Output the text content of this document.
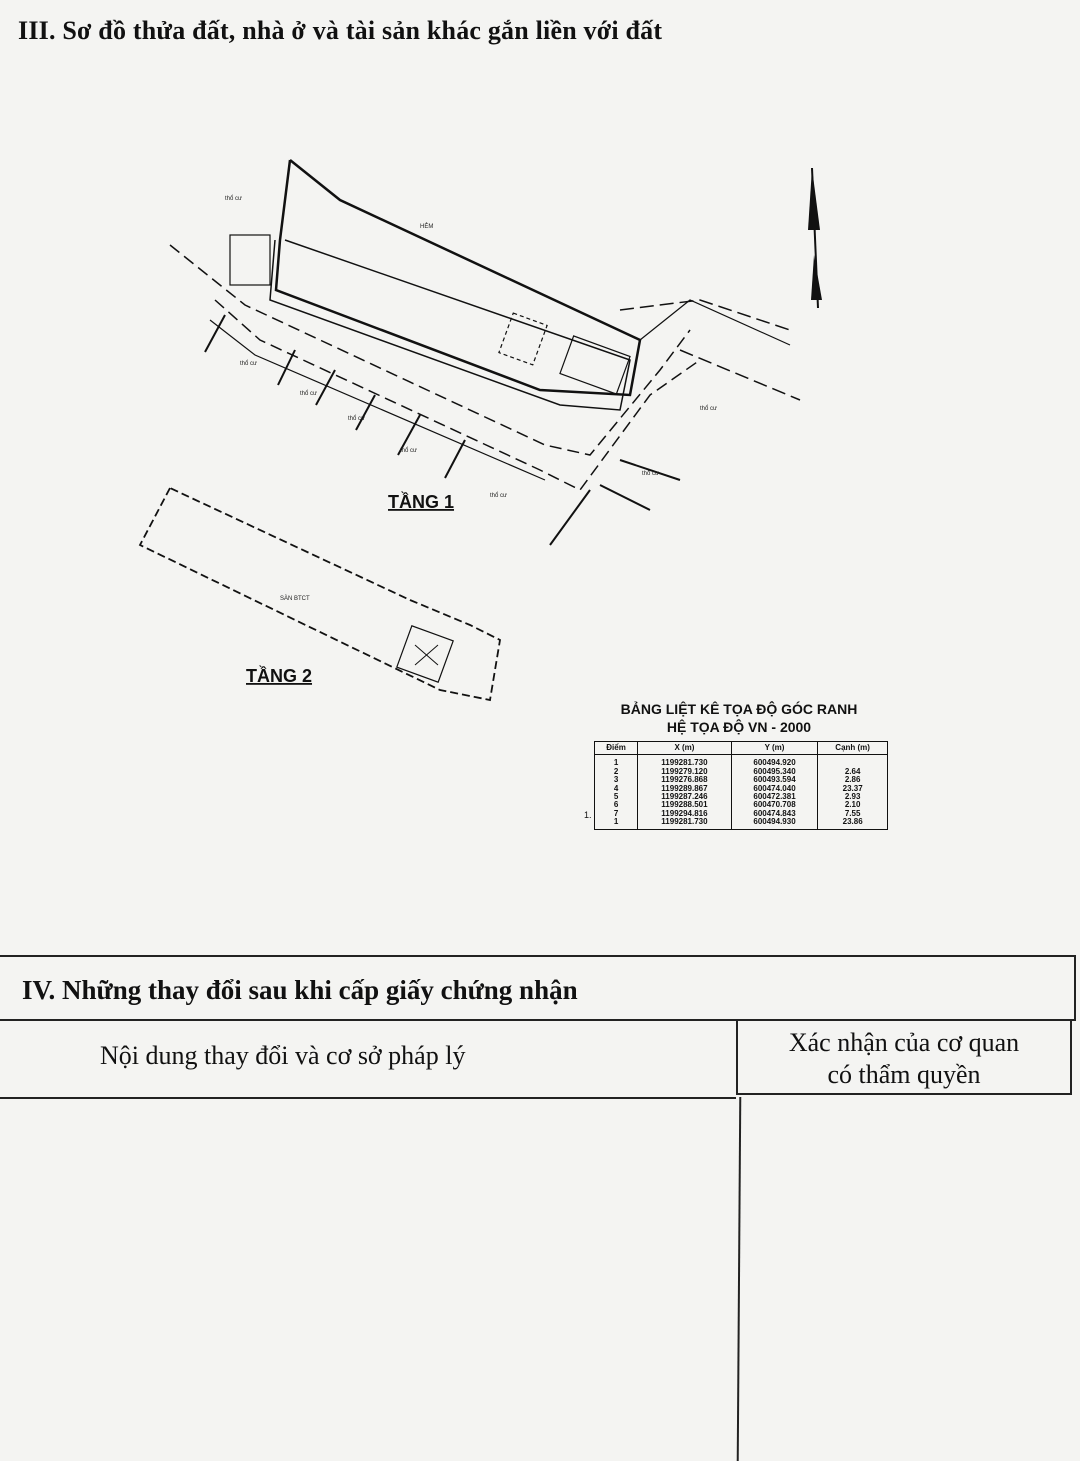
III. Sơ đồ thửa đất, nhà ở và tài sản khác gắn liền với đất
thổ cư
thổ cư
thổ cư
thổ cư
thổ cư
thổ cư
thổ cư
thổ cư
HẺM
SÀN BTCT
TẦNG 1
TẦNG 2
BẢNG LIỆT KÊ TỌA ĐỘ GÓC RANH
HỆ TỌA ĐỘ VN - 2000
1.
Điểm	X (m)	Y (m)	Cạnh (m)
1	1199281.730	600494.920	
2	1199279.120	600495.340	2.64
3	1199276.868	600493.594	2.86
4	1199289.867	600474.040	23.37
5	1199287.246	600472.381	2.93
6	1199288.501	600470.708	2.10
7	1199294.816	600474.843	7.55
1	1199281.730	600494.930	23.86
IV. Những thay đổi sau khi cấp giấy chứng nhận
Nội dung thay đổi và cơ sở pháp lý	Xác nhận của cơ quan
có thẩm quyền
